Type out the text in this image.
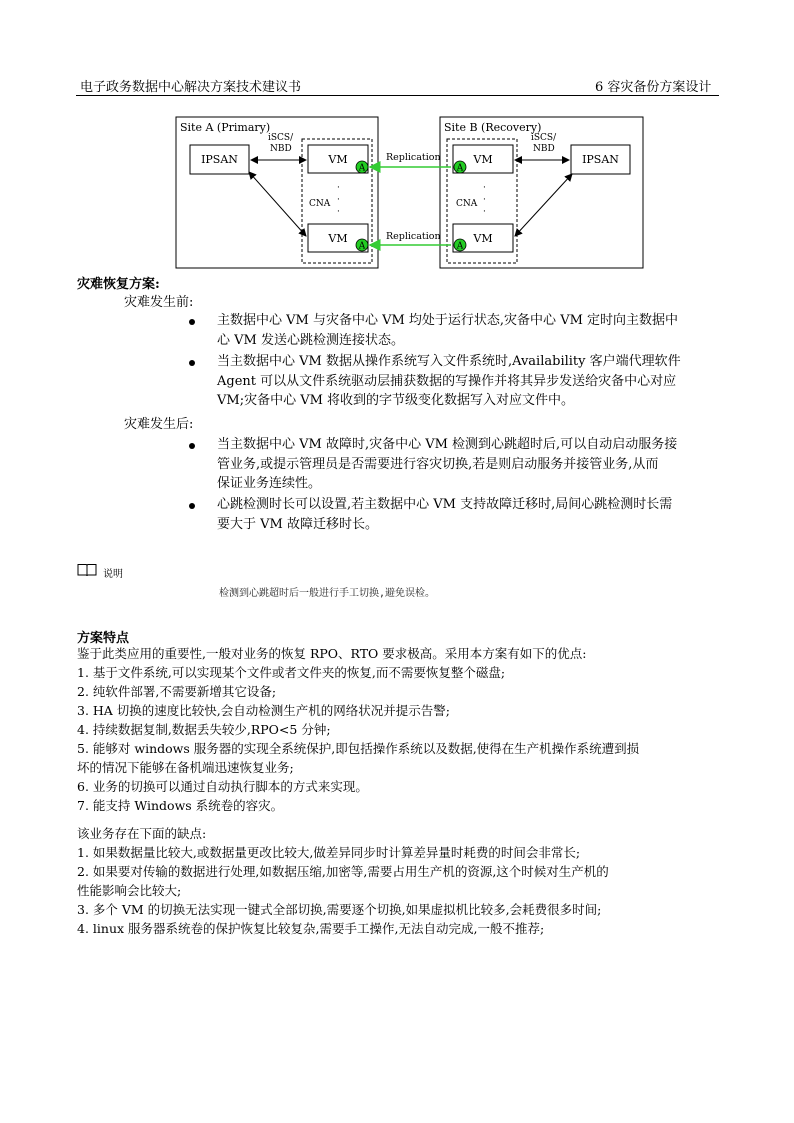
电子政务数据中心解决方案技术建议书	6 容灾备份方案设计
Site A (Primary)
IPSAN
iSCS/
NBD
VM
VM
CNA
·
·
·
A
A
Site B (Recovery)
VM
VM
CNA
·
·
·
IPSAN
iSCS/
NBD
A
A
Replication
Replication
灾难恢复方案:
灾难发生前:
主数据中心 VM 与灾备中心 VM 均处于运行状态,灾备中心 VM 定时向主数据中
心 VM 发送心跳检测连接状态。
当主数据中心 VM 数据从操作系统写入文件系统时,Availability 客户端代理软件
Agent 可以从文件系统驱动层捕获数据的写操作并将其异步发送给灾备中心对应
VM;灾备中心 VM 将收到的字节级变化数据写入对应文件中。
灾难发生后:
当主数据中心 VM 故障时,灾备中心 VM 检测到心跳超时后,可以自动启动服务接
管业务,或提示管理员是否需要进行容灾切换,若是则启动服务并接管业务,从而
保证业务连续性。
心跳检测时长可以设置,若主数据中心 VM 支持故障迁移时,局间心跳检测时长需
要大于 VM 故障迁移时长。
说明
检测到心跳超时后一般进行手工切换,避免误检。
方案特点
鉴于此类应用的重要性,一般对业务的恢复 RPO、RTO 要求极高。采用本方案有如下的优点:
1. 基于文件系统,可以实现某个文件或者文件夹的恢复,而不需要恢复整个磁盘;
2. 纯软件部署,不需要新增其它设备;
3. HA 切换的速度比较快,会自动检测生产机的网络状况并提示告警;
4. 持续数据复制,数据丢失较少,RPO<5 分钟;
5. 能够对 windows 服务器的实现全系统保护,即包括操作系统以及数据,使得在生产机操作系统遭到损
坏的情况下能够在备机端迅速恢复业务;
6. 业务的切换可以通过自动执行脚本的方式来实现。
7. 能支持 Windows 系统卷的容灾。
该业务存在下面的缺点:
1. 如果数据量比较大,或数据量更改比较大,做差异同步时计算差异量时耗费的时间会非常长;
2. 如果要对传输的数据进行处理,如数据压缩,加密等,需要占用生产机的资源,这个时候对生产机的
性能影响会比较大;
3. 多个 VM 的切换无法实现一键式全部切换,需要逐个切换,如果虚拟机比较多,会耗费很多时间;
4. linux 服务器系统卷的保护恢复比较复杂,需要手工操作,无法自动完成,一般不推荐;
